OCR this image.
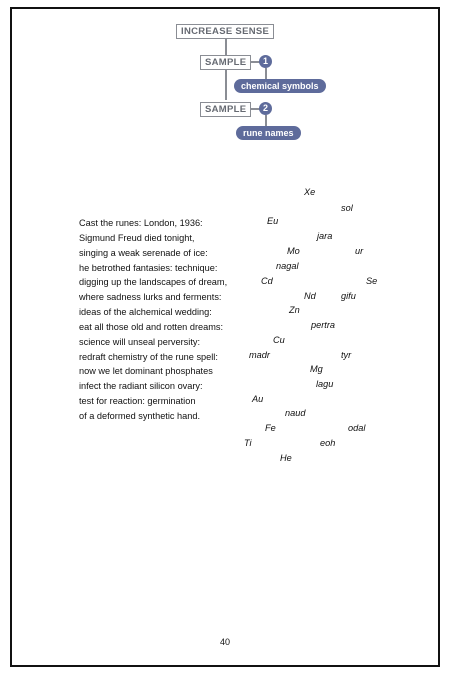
INCREASE SENSE
SAMPLE	1
chemical symbols
SAMPLE	2
rune names
Cast the runes: London, 1936:
Sigmund Freud died tonight,
singing a weak serenade of ice:
he betrothed fantasies: technique:
digging up the landscapes of dream,
where sadness lurks and ferments:
ideas of the alchemical wedding:
eat all those old and rotten dreams:
science will unseal perversity:
redraft chemistry of the rune spell:
now we let dominant phosphates
infect the radiant silicon ovary:
test for reaction: germination
of a deformed synthetic hand.
Xe
sol
Eu
jara
Mo	ur
nagal
Cd	Se
Nd	gifu
Zn
pertra
Cu
madr	tyr
Mg
lagu
Au
naud
Fe	odal
Ti	eoh
He
40
